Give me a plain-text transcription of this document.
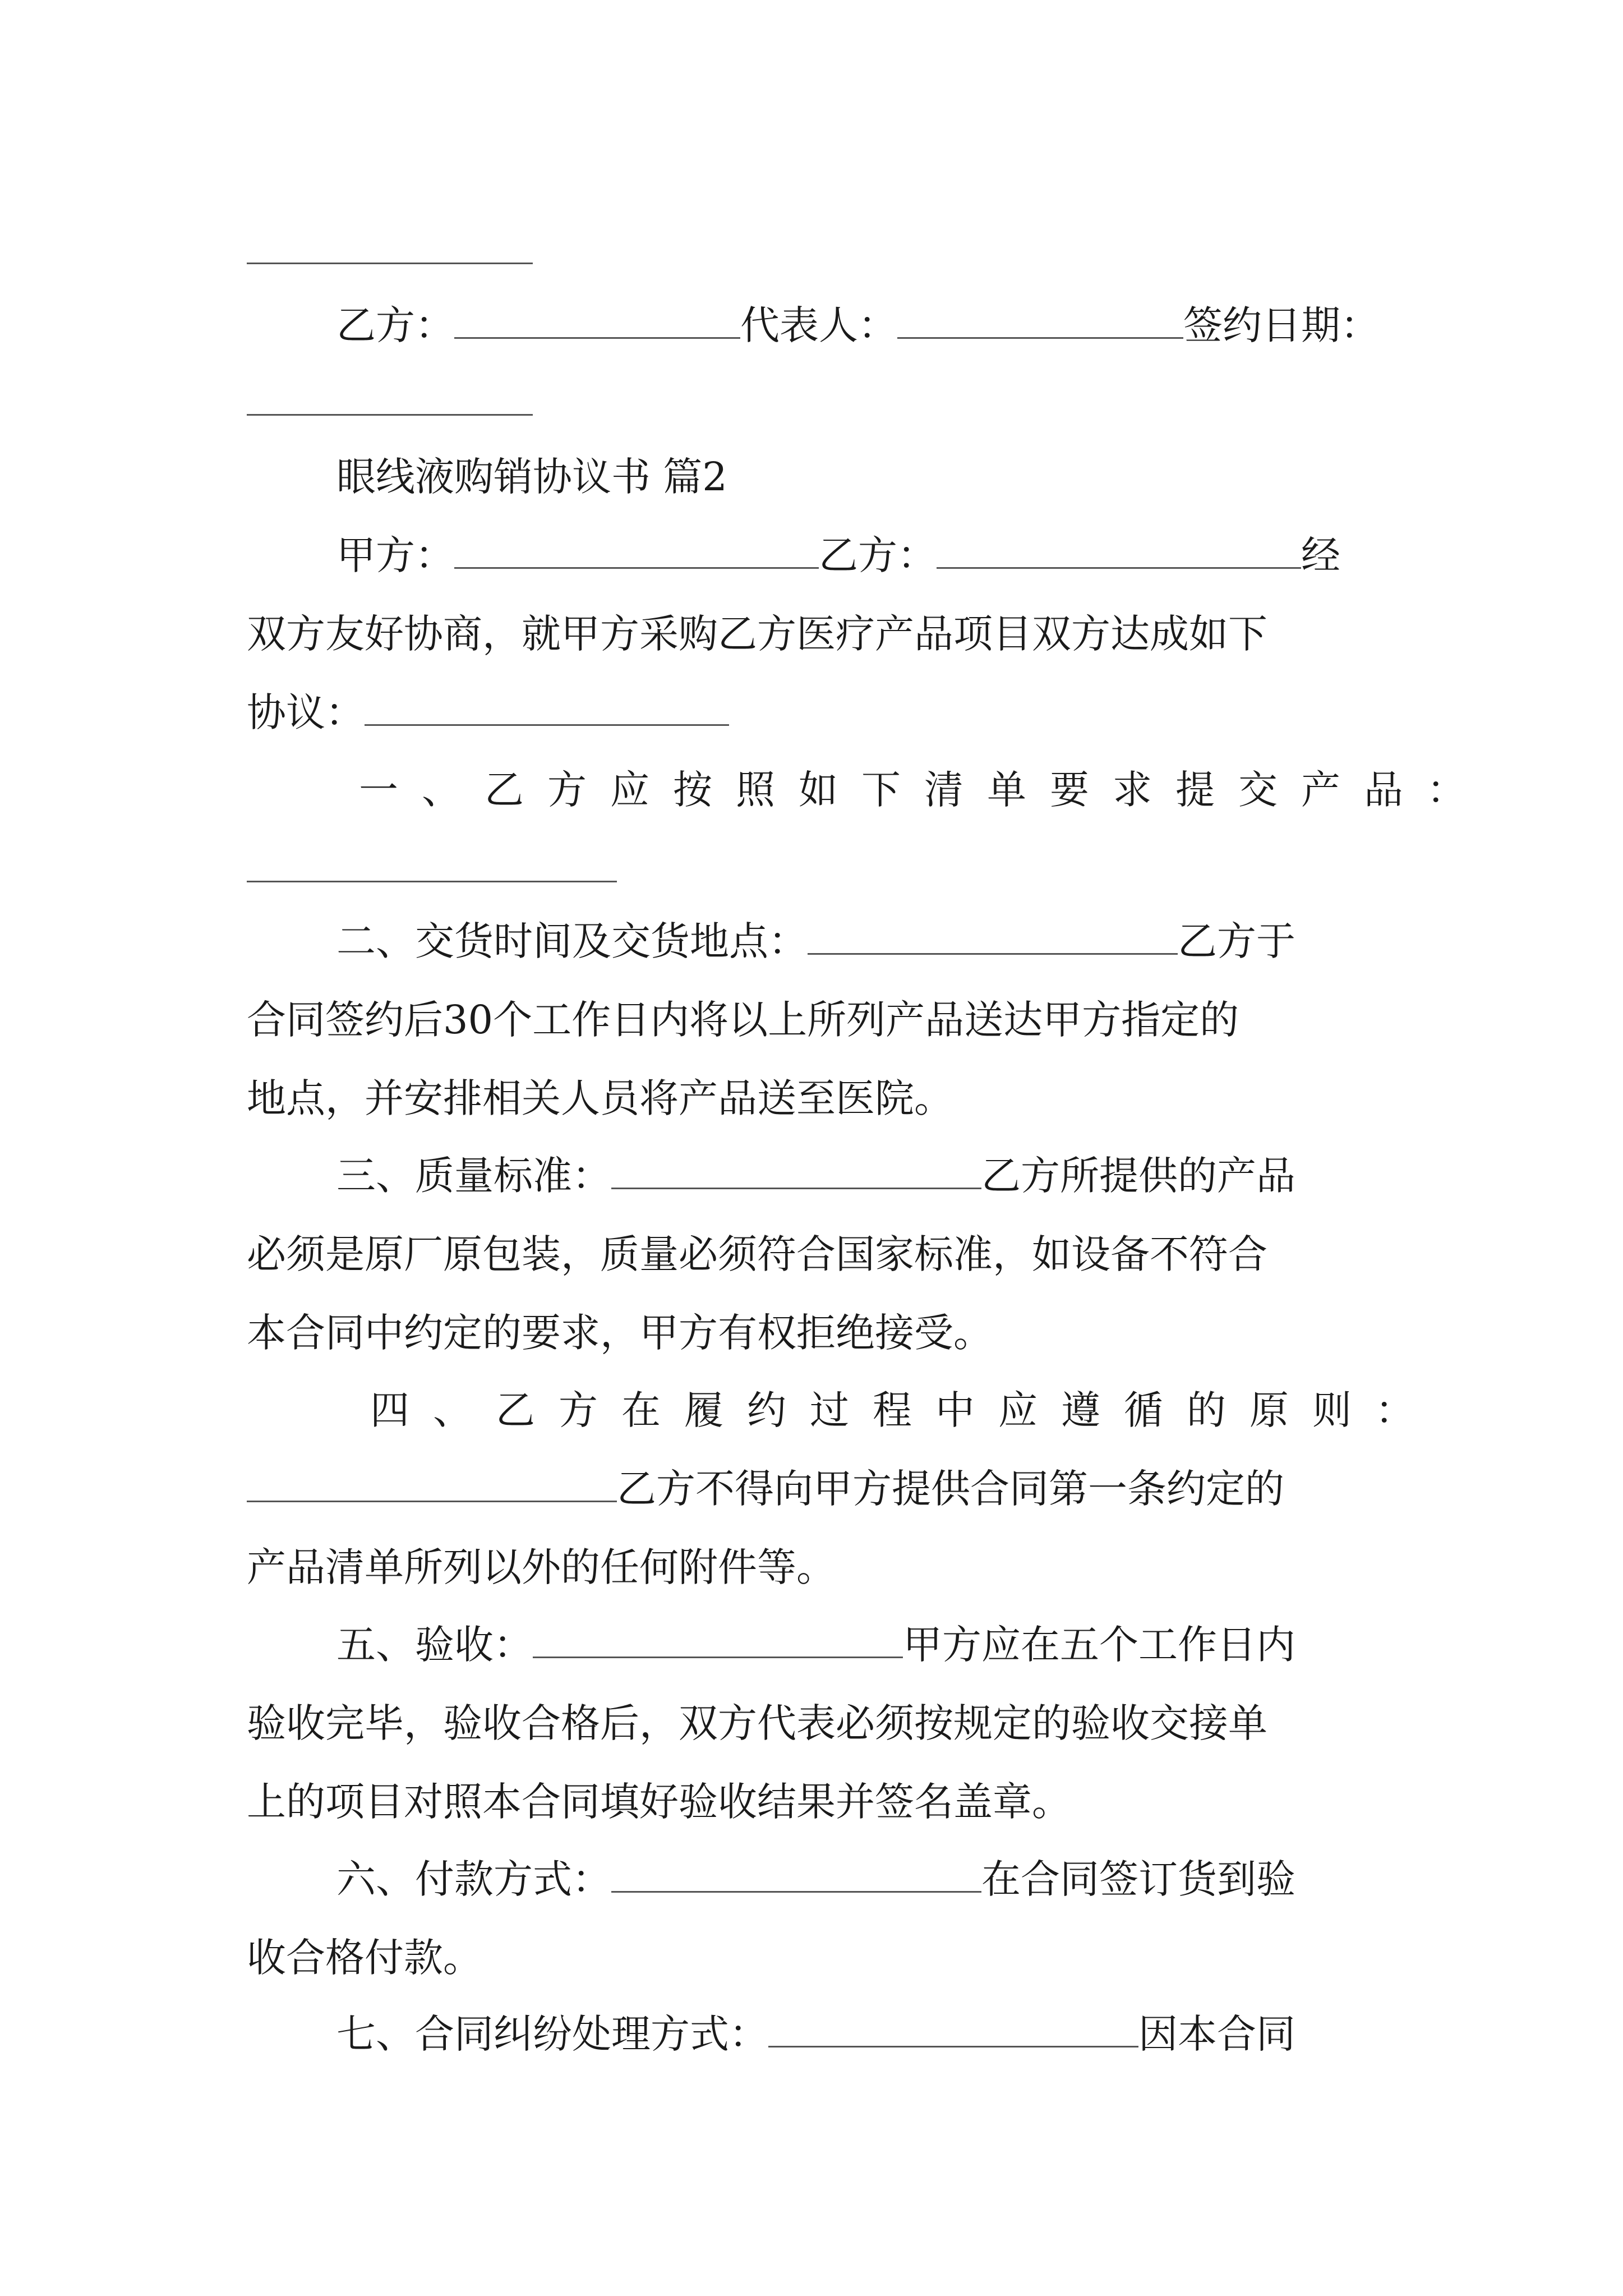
乙方：	代表人：	签约日期：
眼线液购销协议书 篇2
甲方：	乙方：	经
双方友好协商，就甲方采购乙方医疗产品项目双方达成如下
协议：
一、乙方应按照如下清单要求提交产品：
二、交货时间及交货地点：	乙方于
合同签约后30个工作日内将以上所列产品送达甲方指定的
地点，并安排相关人员将产品送至医院。
三、质量标准：	乙方所提供的产品
必须是原厂原包装，质量必须符合国家标准，如设备不符合
本合同中约定的要求，甲方有权拒绝接受。
四、乙方在履约过程中应遵循的原则：
乙方不得向甲方提供合同第一条约定的
产品清单所列以外的任何附件等。
五、验收：	甲方应在五个工作日内
验收完毕，验收合格后，双方代表必须按规定的验收交接单
上的项目对照本合同填好验收结果并签名盖章。
六、付款方式：	在合同签订货到验
收合格付款。
七、合同纠纷处理方式：	因本合同
